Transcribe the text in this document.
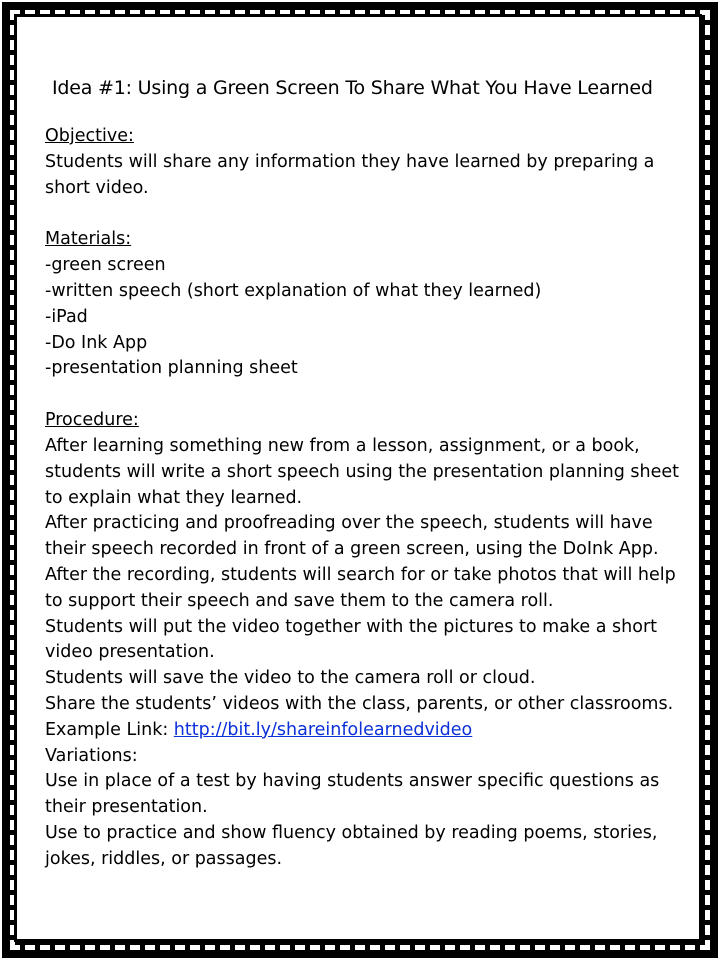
Idea #1: Using a Green Screen To Share What You Have Learned
Objective:
Students will share any information they have learned by preparing a
short video.
Materials:
-green screen
-written speech (short explanation of what they learned)
-iPad
-Do Ink App
-presentation planning sheet
Procedure:
After learning something new from a lesson, assignment, or a book,
students will write a short speech using the presentation planning sheet
to explain what they learned.
After practicing and proofreading over the speech, students will have
their speech recorded in front of a green screen, using the DoInk App.
After the recording, students will search for or take photos that will help
to support their speech and save them to the camera roll.
Students will put the video together with the pictures to make a short
video presentation.
Students will save the video to the camera roll or cloud.
Share the students’ videos with the class, parents, or other classrooms.
Example Link: http://bit.ly/shareinfolearnedvideo
Variations:
Use in place of a test by having students answer specific questions as
their presentation.
Use to practice and show fluency obtained by reading poems, stories,
jokes, riddles, or passages.
